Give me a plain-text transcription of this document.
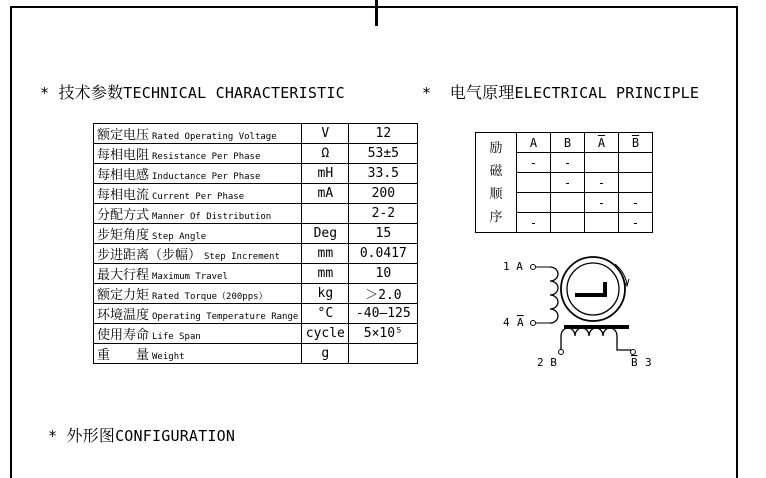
* 技术参数TECHNICAL CHARACTERISTIC	* 电气原理ELECTRICAL PRINCIPLE
* 外形图CONFIGURATION
额定电压 Rated Operating Voltage	V	12
每相电阻 Resistance Per Phase	Ω	53±5
每相电感 Inductance Per Phase	mH	33.5
每相电流 Current Per Phase	mA	200
分配方式 Manner Of Distribution		2-2
步矩角度 Step Angle	Deg	15
步进距离（步幅） Step Increment	mm	0.0417
最大行程 Maximum Travel	mm	10
额定力矩 Rated Torque（200pps）	kg	＞2.0
环境温度 Operating Temperature Range	°C	-40—125
使用寿命 Life Span	cycle	5×10⁵
重　　量 Weight	g	
励
磁
顺
序	A	B	$\overline{A}$	$\overline{B}$
	-	-		
		-	-	
			-	-
	-			-
1 A
4 A
2 B	B 3
